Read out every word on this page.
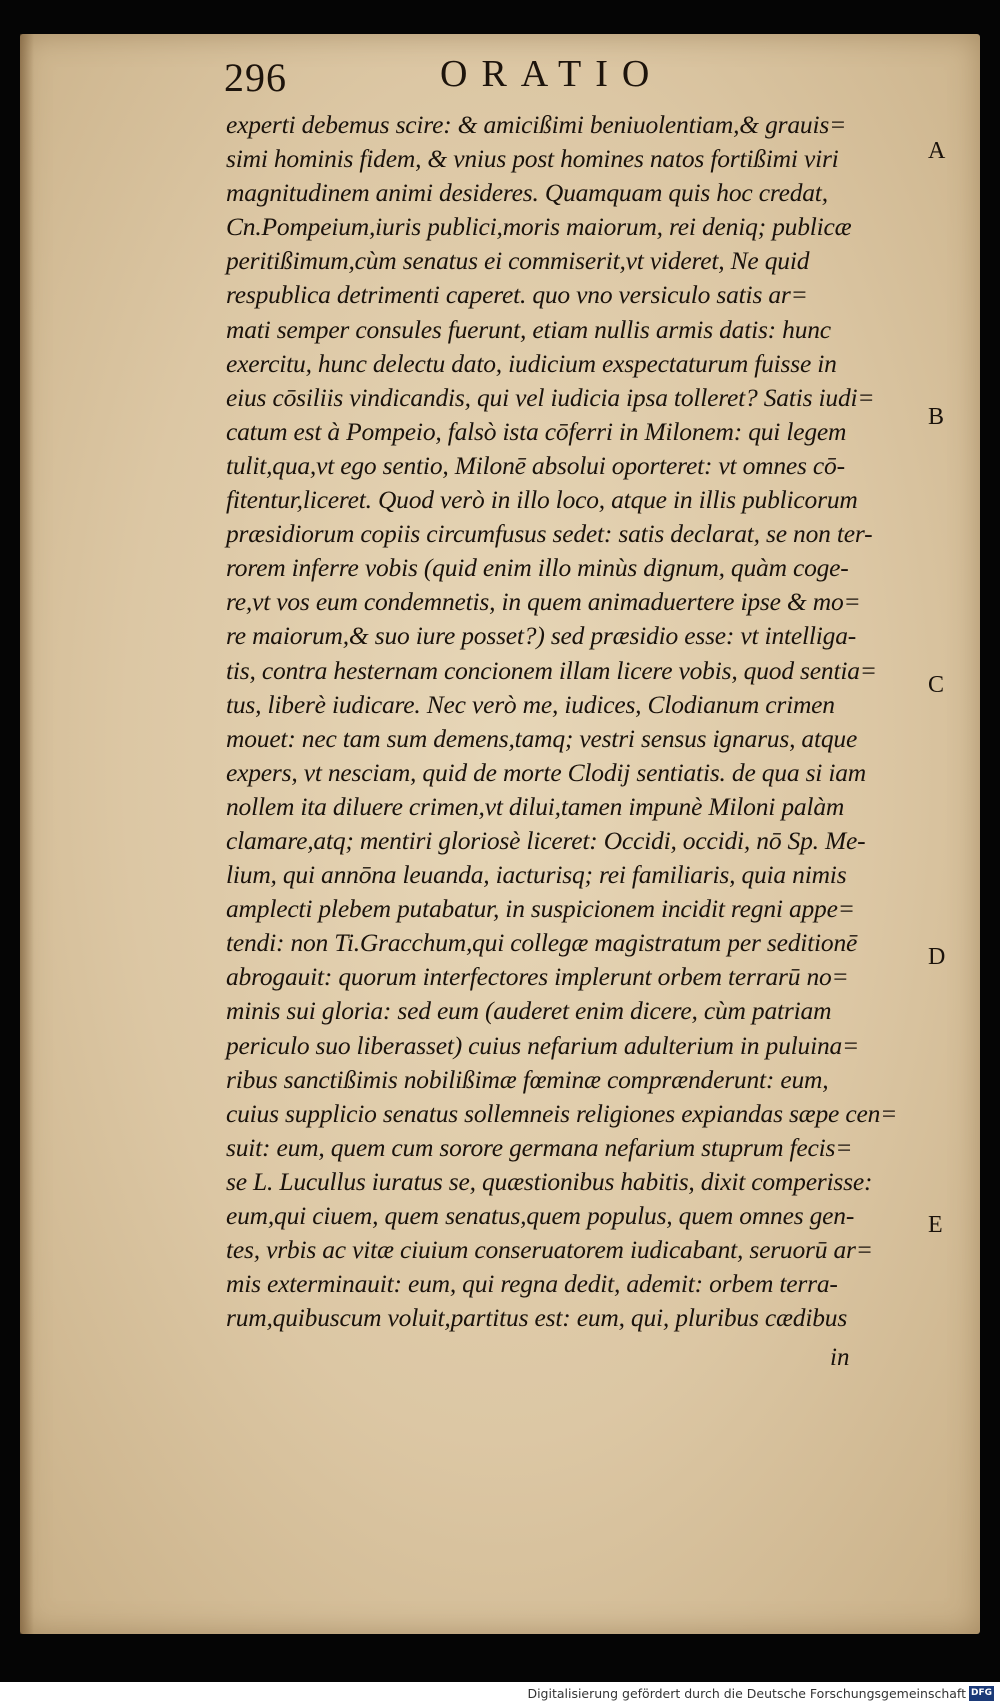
296	ORATIO
experti debemus scire: & amicißimi beniuolentiam,& grauis=
simi hominis fidem, & vnius post homines natos fortißimi viri
magnitudinem animi desideres. Quamquam quis hoc credat,
Cn.Pompeium,iuris publici,moris maiorum, rei deniq; publicæ
peritißimum,cùm senatus ei commiserit,vt videret, Ne quid
respublica detrimenti caperet. quo vno versiculo satis ar=
mati semper consules fuerunt, etiam nullis armis datis: hunc
exercitu, hunc delectu dato, iudicium exspectaturum fuisse in
eius cōsiliis vindicandis, qui vel iudicia ipsa tolleret? Satis iudi=
catum est à Pompeio, falsò ista cōferri in Milonem: qui legem
tulit,qua,vt ego sentio, Milonē absolui oporteret: vt omnes cō-
fitentur,liceret. Quod verò in illo loco, atque in illis publicorum
præsidiorum copiis circumfusus sedet: satis declarat, se non ter-
rorem inferre vobis (quid enim illo minùs dignum, quàm coge-
re,vt vos eum condemnetis, in quem animaduertere ipse & mo=
re maiorum,& suo iure posset?) sed præsidio esse: vt intelliga-
tis, contra hesternam concionem illam licere vobis, quod sentia=
tus, liberè iudicare. Nec verò me, iudices, Clodianum crimen
mouet: nec tam sum demens,tamq; vestri sensus ignarus, atque
expers, vt nesciam, quid de morte Clodij sentiatis. de qua si iam
nollem ita diluere crimen,vt dilui,tamen impunè Miloni palàm
clamare,atq; mentiri gloriosè liceret: Occidi, occidi, nō Sp. Me-
lium, qui annōna leuanda, iacturisq; rei familiaris, quia nimis
amplecti plebem putabatur, in suspicionem incidit regni appe=
tendi: non Ti.Gracchum,qui collegæ magistratum per seditionē
abrogauit: quorum interfectores implerunt orbem terrarū no=
minis sui gloria: sed eum (auderet enim dicere, cùm patriam
periculo suo liberasset) cuius nefarium adulterium in puluina=
ribus sanctißimis nobilißimæ fœminæ comprænderunt: eum,
cuius supplicio senatus sollemneis religiones expiandas sæpe cen=
suit: eum, quem cum sorore germana nefarium stuprum fecis=
se L. Lucullus iuratus se, quæstionibus habitis, dixit comperisse:
eum,qui ciuem, quem senatus,quem populus, quem omnes gen-
tes, vrbis ac vitæ ciuium conseruatorem iudicabant, seruorū ar=
mis exterminauit: eum, qui regna dedit, ademit: orbem terra-
rum,quibuscum voluit,partitus est: eum, qui, pluribus cædibus
in
A
B
C
D
E
Digitalisierung gefördert durch die Deutsche Forschungsgemeinschaft DFG
